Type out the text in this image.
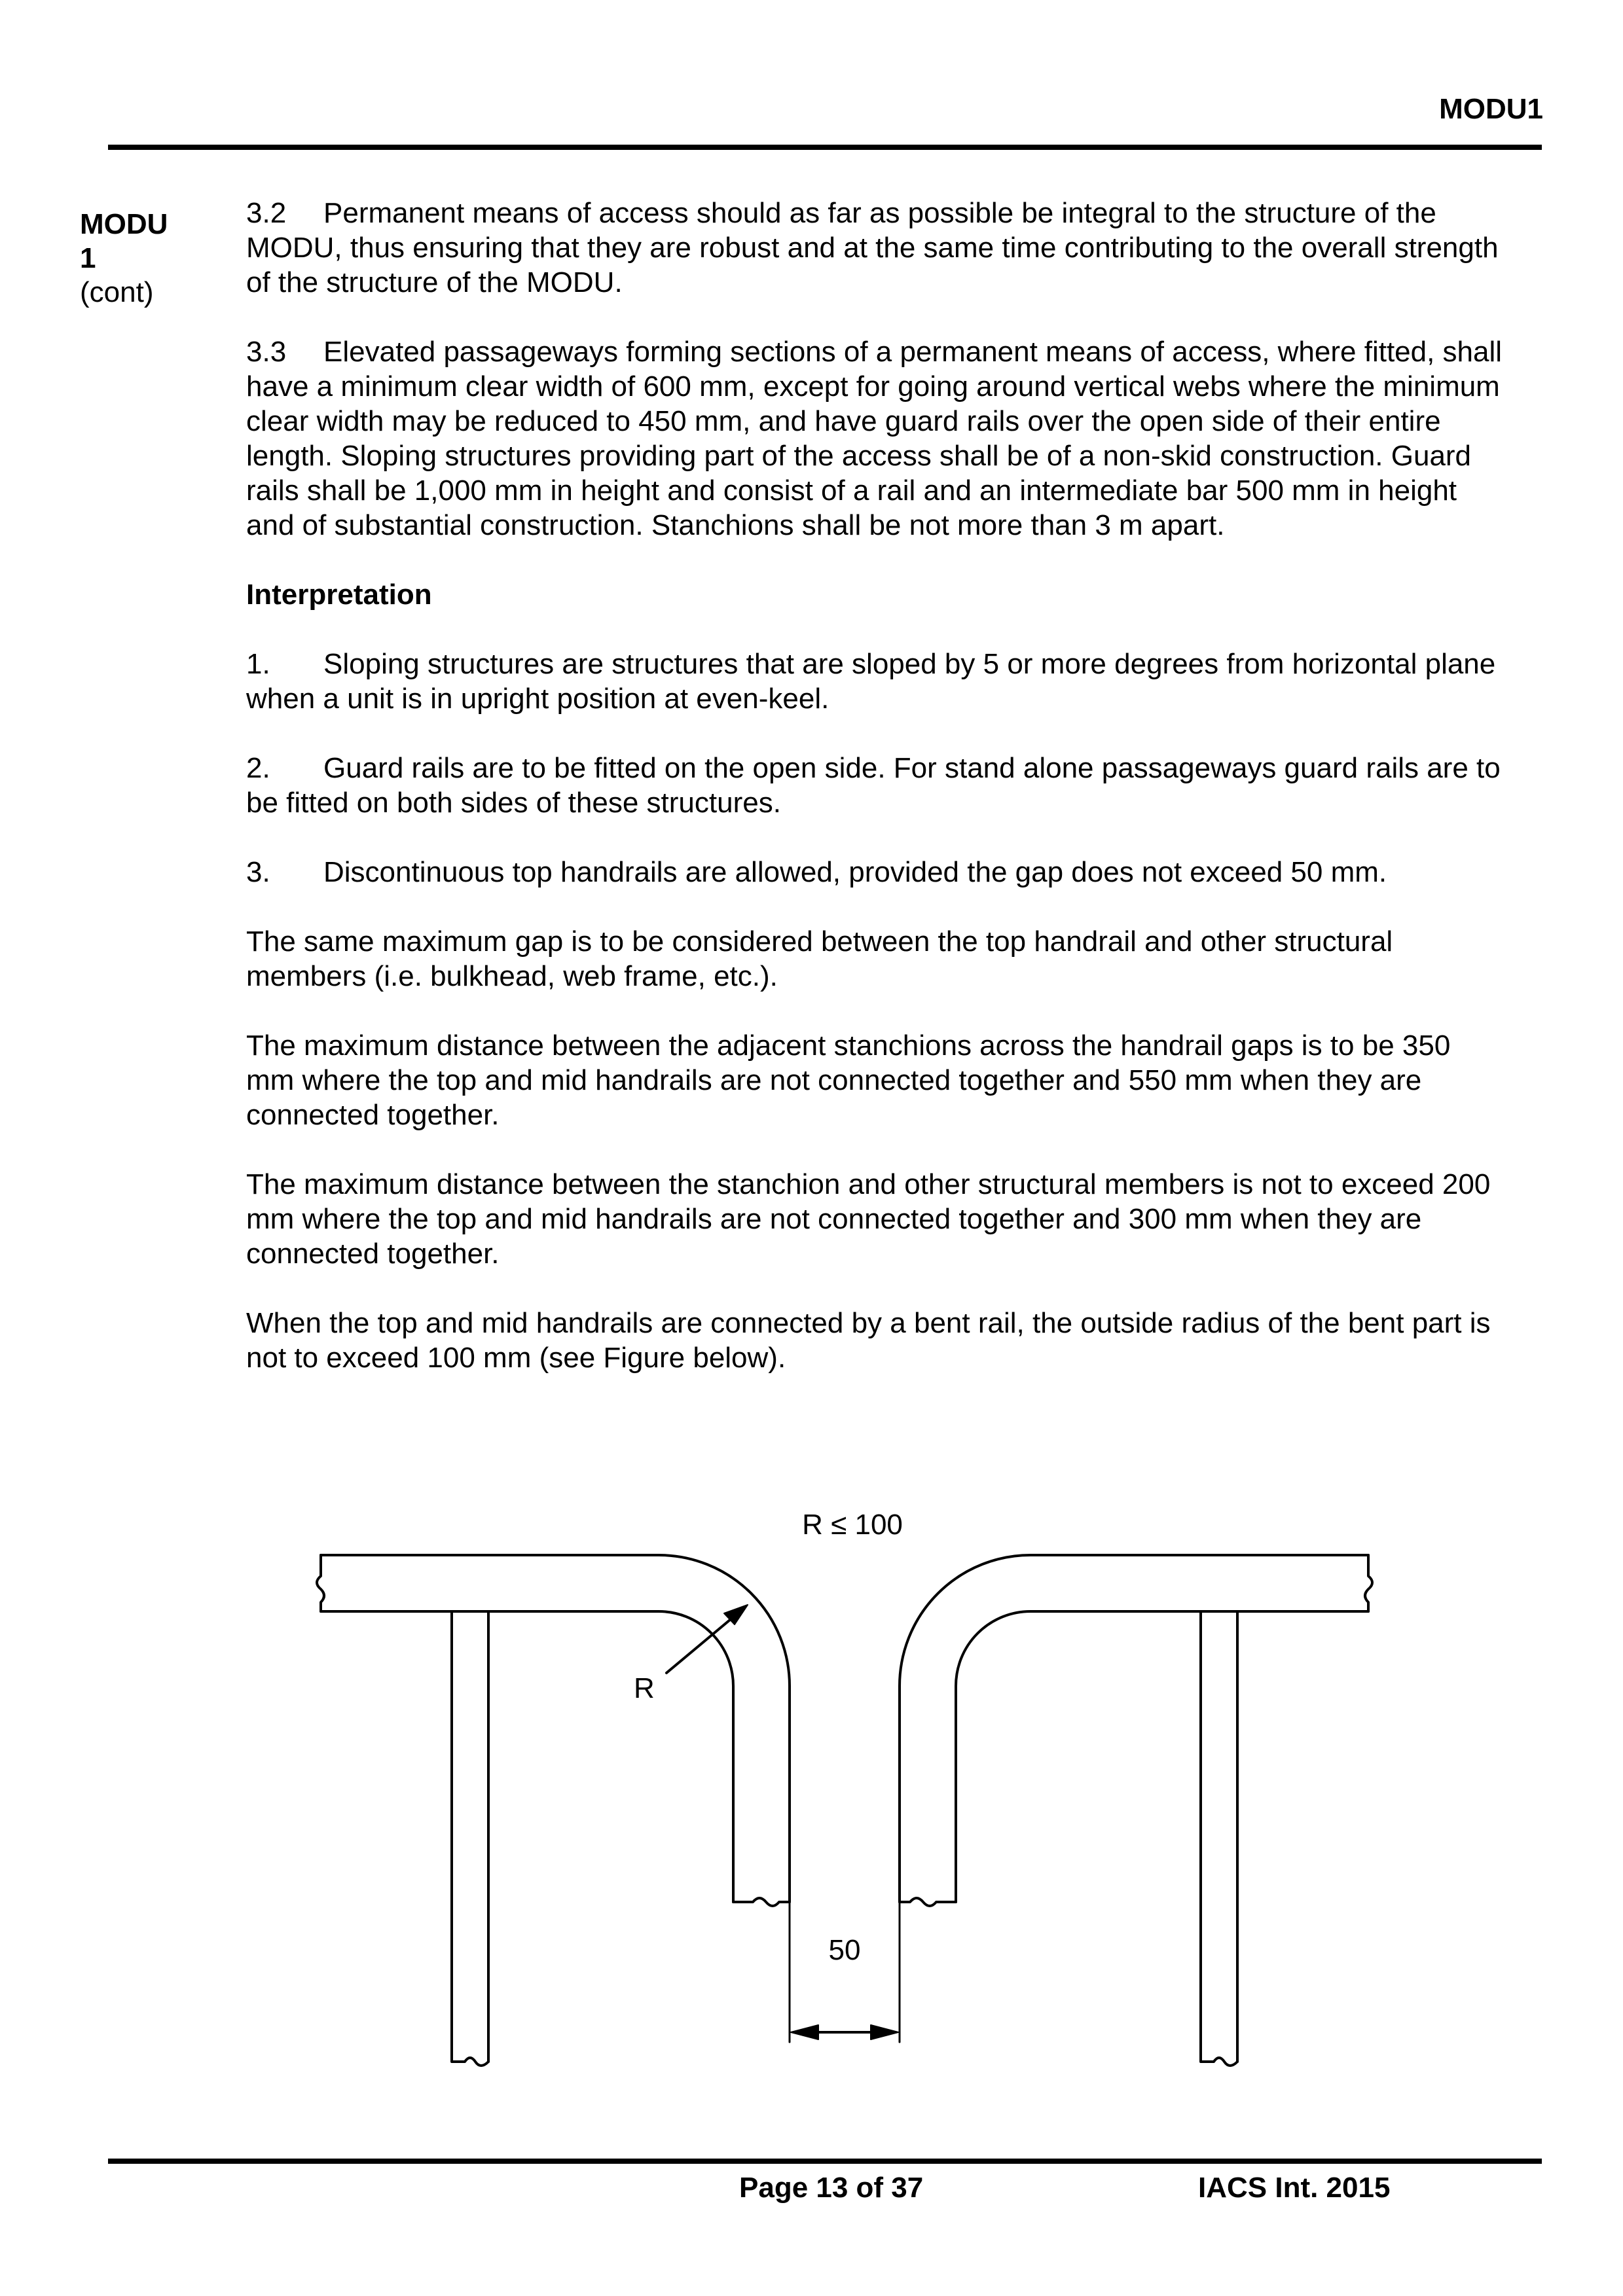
MODU1
MODU
1
(cont)

3.2 Permanent means of access should as far as possible be integral to the structure of the MODU, thus ensuring that they are robust and at the same time contributing to the overall strength of the structure of the MODU.

3.3 Elevated passageways forming sections of a permanent means of access, where fitted, shall have a minimum clear width of 600 mm, except for going around vertical webs where the minimum clear width may be reduced to 450 mm, and have guard rails over the open side of their entire length. Sloping structures providing part of the access shall be of a non-skid construction. Guard rails shall be 1,000 mm in height and consist of a rail and an intermediate bar 500 mm in height and of substantial construction. Stanchions shall be not more than 3 m apart.

Interpretation

1. Sloping structures are structures that are sloped by 5 or more degrees from horizontal plane when a unit is in upright position at even-keel.

2. Guard rails are to be fitted on the open side. For stand alone passageways guard rails are to be fitted on both sides of these structures.

3. Discontinuous top handrails are allowed, provided the gap does not exceed 50 mm.

The same maximum gap is to be considered between the top handrail and other structural members (i.e. bulkhead, web frame, etc.).

The maximum distance between the adjacent stanchions across the handrail gaps is to be 350 mm where the top and mid handrails are not connected together and 550 mm when they are connected together.

The maximum distance between the stanchion and other structural members is not to exceed 200 mm where the top and mid handrails are not connected together and 300 mm when they are connected together.

When the top and mid handrails are connected by a bent rail, the outside radius of the bent part is not to exceed 100 mm (see Figure below).

R ≤ 100
R
50
Page 13 of 37	IACS Int. 2015
